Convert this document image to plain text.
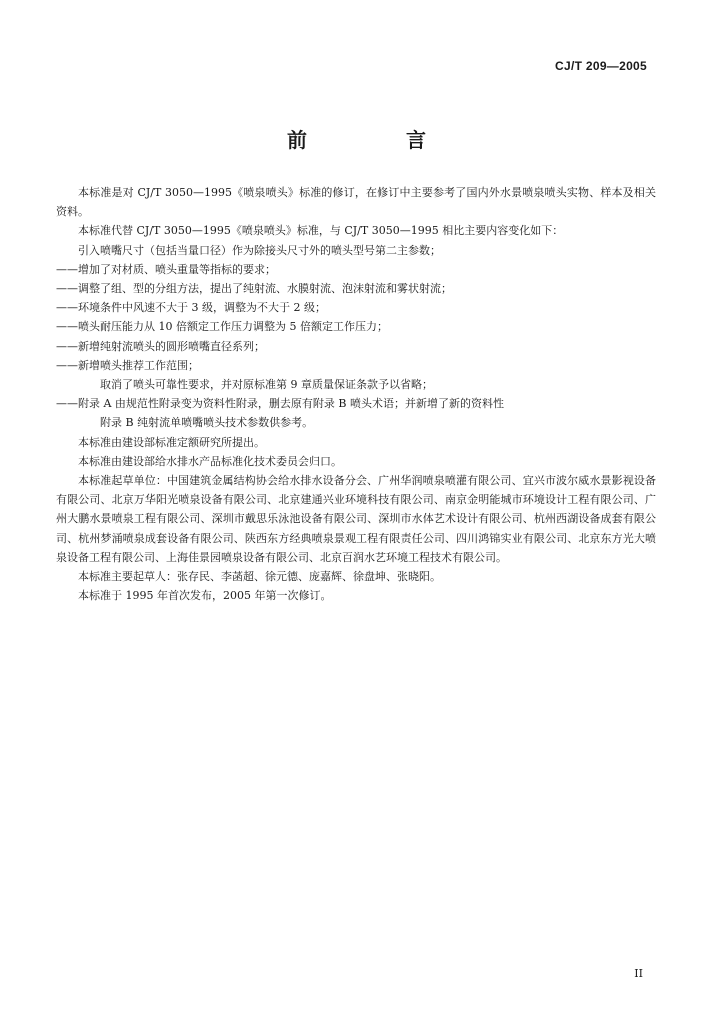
CJ/T 209—2005
前 言

本标准是对 CJ/T 3050—1995《喷泉喷头》标准的修订，在修订中主要参考了国内外水景喷泉喷头实物、样本及相关资料。

本标准代替 CJ/T 3050—1995《喷泉喷头》标准，与 CJ/T 3050—1995 相比主要内容变化如下：

引入喷嘴尺寸（包括当量口径）作为除接头尺寸外的喷头型号第二主参数；

——增加了对材质、喷头重量等指标的要求；

——调整了组、型的分组方法，提出了纯射流、水膜射流、泡沫射流和雾状射流；

——环境条件中风速不大于 3 级，调整为不大于 2 级；

——喷头耐压能力从 10 倍额定工作压力调整为 5 倍额定工作压力；

——新增纯射流喷头的圆形喷嘴直径系列；

——新增喷头推荐工作范围；

取消了喷头可靠性要求，并对原标准第 9 章质量保证条款予以省略；

——附录 A 由规范性附录变为资料性附录，删去原有附录 B 喷头术语；并新增了新的资料性

附录 B 纯射流单喷嘴喷头技术参数供参考。

本标准由建设部标准定额研究所提出。

本标准由建设部给水排水产品标准化技术委员会归口。

本标准起草单位：中国建筑金属结构协会给水排水设备分会、广州华润喷泉喷灌有限公司、宜兴市波尔威水景影视设备有限公司、北京万华阳光喷泉设备有限公司、北京建通兴业环境科技有限公司、南京金明能城市环境设计工程有限公司、广州大鹏水景喷泉工程有限公司、深圳市戴思乐泳池设备有限公司、深圳市水体艺术设计有限公司、杭州西湖设备成套有限公司、杭州梦涌喷泉成套设备有限公司、陕西东方经典喷泉景观工程有限责任公司、四川鸿锦实业有限公司、北京东方光大喷泉设备工程有限公司、上海佳景园喷泉设备有限公司、北京百润水艺环境工程技术有限公司。

本标准主要起草人：张存民、李菡超、徐元德、庞嘉辉、徐盘坤、张晓阳。

本标准于 1995 年首次发布，2005 年第一次修订。

II
